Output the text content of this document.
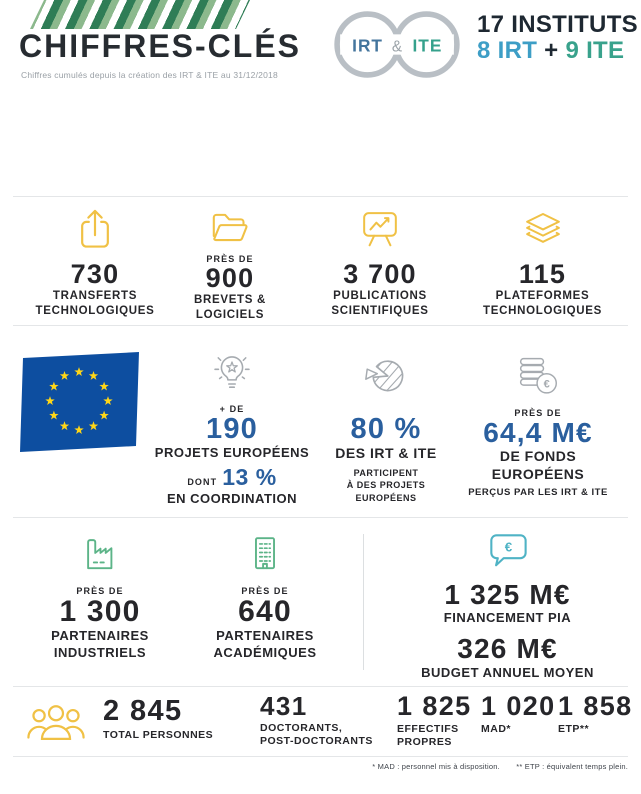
CHIFFRES-CLÉS
Chiffres cumulés depuis la création des IRT & ITE au 31/12/2018
IRT & ITE
17 INSTITUTS
8 IRT + 9 ITE
730
TRANSFERTS
TECHNOLOGIQUES
PRÈS DE
900
BREVETS &
LOGICIELS
3 700
PUBLICATIONS
SCIENTIFIQUES
115
PLATEFORMES
TECHNOLOGIQUES
+ DE
190
PROJETS EUROPÉENS
DONT 13 %
EN COORDINATION
80 %
DES IRT & ITE
PARTICIPENT
À DES PROJETS
EUROPÉENS
€
PRÈS DE
64,4 M€
DE FONDS
EUROPÉENS
PERÇUS PAR LES IRT & ITE
PRÈS DE
1 300
PARTENAIRES
INDUSTRIELS
PRÈS DE
640
PARTENAIRES
ACADÉMIQUES
€
1 325 M€
FINANCEMENT PIA
326 M€
BUDGET ANNUEL MOYEN
2 845
TOTAL PERSONNES
431
DOCTORANTS,
POST-DOCTORANTS
1 825
EFFECTIFS
PROPRES
1 020
MAD*
1 858
ETP**
* MAD : personnel mis à disposition. ** ETP : équivalent temps plein.
